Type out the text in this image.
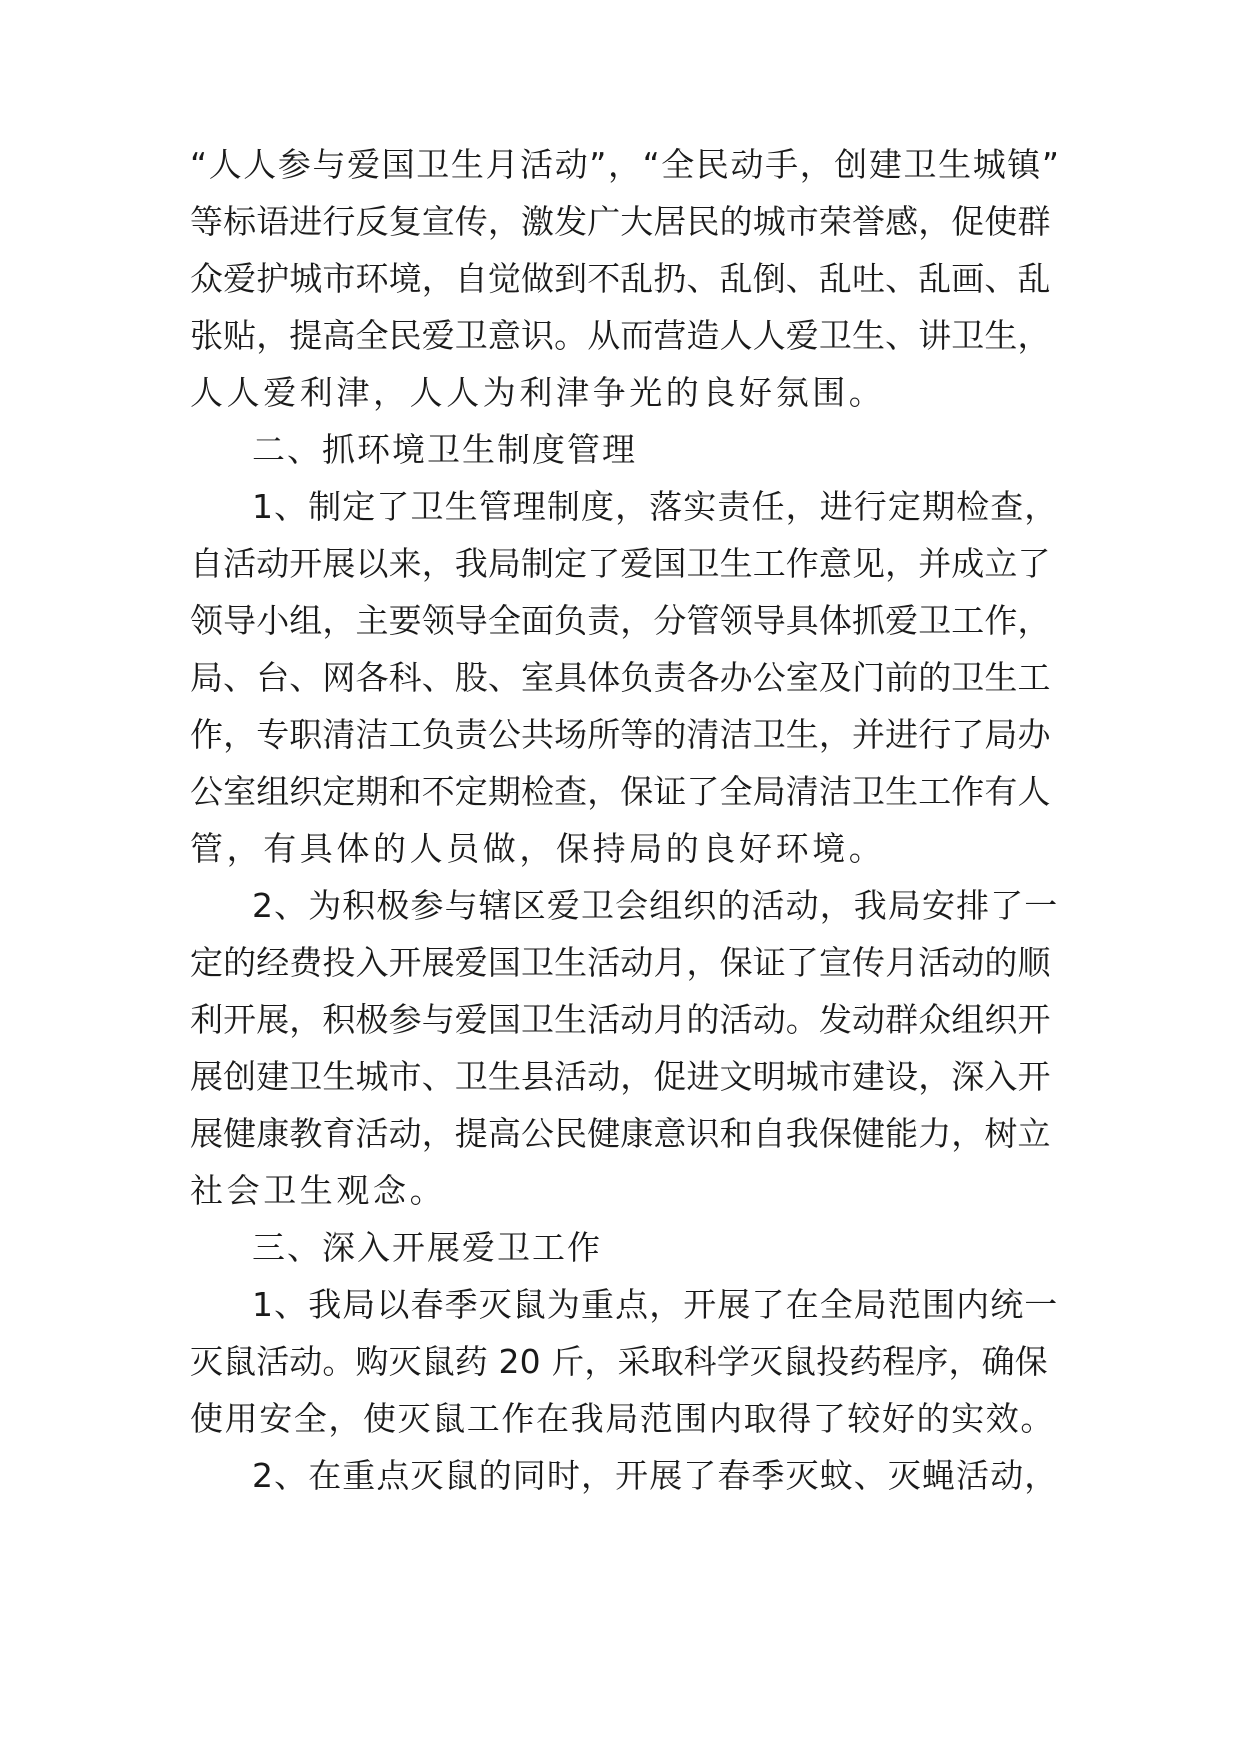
“人人参与爱国卫生月活动”，“全民动手，创建卫生城镇”

等标语进行反复宣传，激发广大居民的城市荣誉感，促使群

众爱护城市环境，自觉做到不乱扔、乱倒、乱吐、乱画、乱

张贴，提高全民爱卫意识。从而营造人人爱卫生、讲卫生，

人人爱利津，人人为利津争光的良好氛围。

二、抓环境卫生制度管理

1、制定了卫生管理制度，落实责任，进行定期检查，

自活动开展以来，我局制定了爱国卫生工作意见，并成立了

领导小组，主要领导全面负责，分管领导具体抓爱卫工作，

局、台、网各科、股、室具体负责各办公室及门前的卫生工

作，专职清洁工负责公共场所等的清洁卫生，并进行了局办

公室组织定期和不定期检查，保证了全局清洁卫生工作有人

管，有具体的人员做，保持局的良好环境。

2、为积极参与辖区爱卫会组织的活动，我局安排了一

定的经费投入开展爱国卫生活动月，保证了宣传月活动的顺

利开展，积极参与爱国卫生活动月的活动。发动群众组织开

展创建卫生城市、卫生县活动，促进文明城市建设，深入开

展健康教育活动，提高公民健康意识和自我保健能力，树立

社会卫生观念。

三、深入开展爱卫工作

1、我局以春季灭鼠为重点，开展了在全局范围内统一

灭鼠活动。购灭鼠药 20 斤，采取科学灭鼠投药程序，确保

使用安全，使灭鼠工作在我局范围内取得了较好的实效。

2、在重点灭鼠的同时，开展了春季灭蚊、灭蝇活动，
